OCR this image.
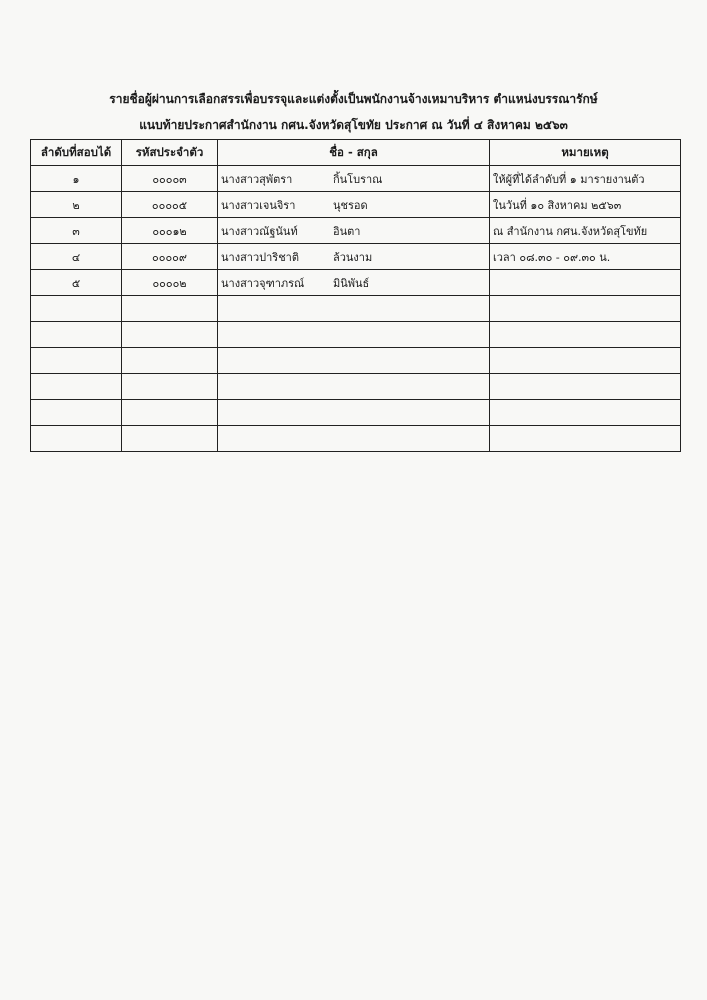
รายชื่อผู้ผ่านการเลือกสรรเพื่อบรรจุและแต่งตั้งเป็นพนักงานจ้างเหมาบริหาร ตำแหน่งบรรณารักษ์
แนบท้ายประกาศสำนักงาน กศน.จังหวัดสุโขทัย ประกาศ ณ วันที่ ๔ สิงหาคม ๒๕๖๓
ลำดับที่สอบได้	รหัสประจำตัว	ชื่อ - สกุล	หมายเหตุ
๑	๐๐๐๐๓	นางสาวสุพัตรา กิ้นโบราณ	ให้ผู้ที่ได้ลำดับที่ ๑ มารายงานตัว
๒	๐๐๐๐๕	นางสาวเจนจิรา นุชรอด	ในวันที่ ๑๐ สิงหาคม ๒๕๖๓
๓	๐๐๐๑๒	นางสาวณัฐนันท์ อินตา	ณ สำนักงาน กศน.จังหวัดสุโขทัย
๔	๐๐๐๐๙	นางสาวปาริชาติ ล้วนงาม	เวลา ๐๘.๓๐ - ๐๙.๓๐ น.
๕	๐๐๐๐๒	นางสาวจุฑาภรณ์ มินิพันธ์	
